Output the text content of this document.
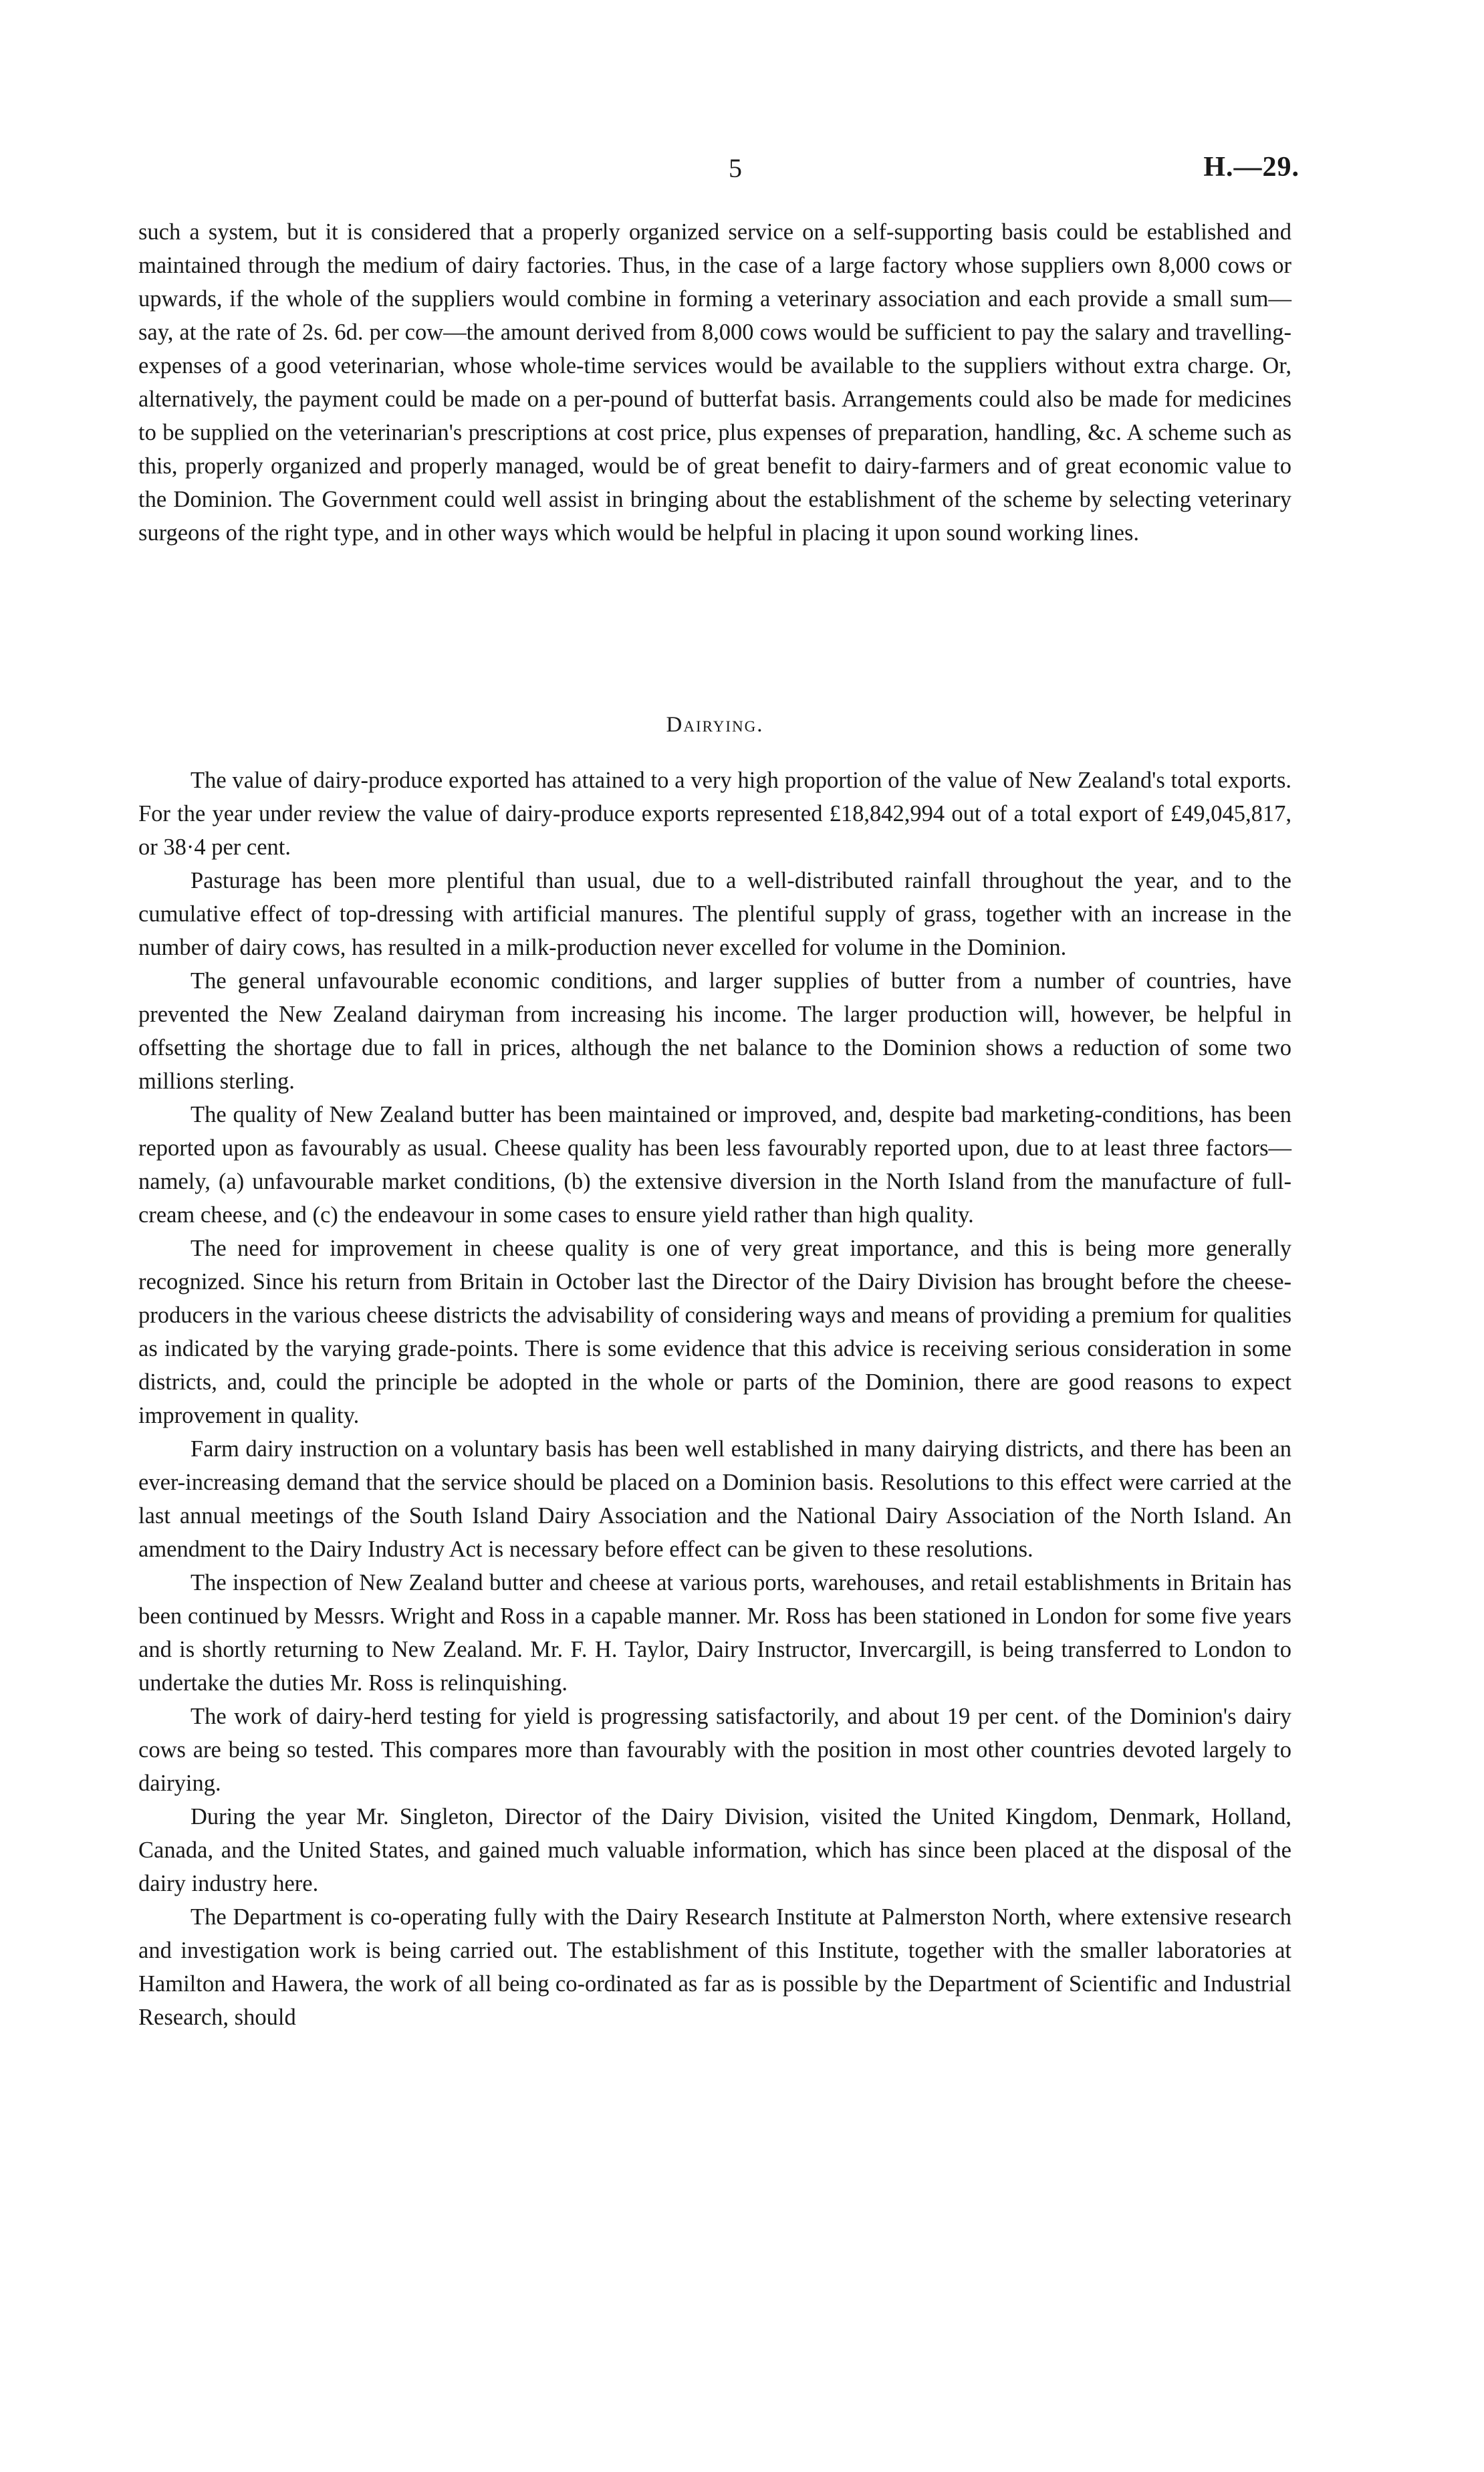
5	H.—29.

such a system, but it is considered that a properly organized service on a self-supporting basis could be established and maintained through the medium of dairy factories. Thus, in the case of a large factory whose suppliers own 8,000 cows or upwards, if the whole of the suppliers would combine in forming a veterinary association and each provide a small sum—say, at the rate of 2s. 6d. per cow—the amount derived from 8,000 cows would be sufficient to pay the salary and travelling-expenses of a good veterinarian, whose whole-time services would be available to the suppliers without extra charge. Or, alternatively, the payment could be made on a per-pound of butterfat basis. Arrangements could also be made for medicines to be supplied on the veterinarian's prescriptions at cost price, plus expenses of preparation, handling, &c. A scheme such as this, properly organized and properly managed, would be of great benefit to dairy-farmers and of great economic value to the Dominion. The Government could well assist in bringing about the establishment of the scheme by selecting veterinary surgeons of the right type, and in other ways which would be helpful in placing it upon sound working lines.

Dairying.

The value of dairy-produce exported has attained to a very high proportion of the value of New Zealand's total exports. For the year under review the value of dairy-produce exports represented £18,842,994 out of a total export of £49,045,817, or 38·4 per cent.

Pasturage has been more plentiful than usual, due to a well-distributed rainfall throughout the year, and to the cumulative effect of top-dressing with artificial manures. The plentiful supply of grass, together with an increase in the number of dairy cows, has resulted in a milk-production never excelled for volume in the Dominion.

The general unfavourable economic conditions, and larger supplies of butter from a number of countries, have prevented the New Zealand dairyman from increasing his income. The larger production will, however, be helpful in offsetting the shortage due to fall in prices, although the net balance to the Dominion shows a reduction of some two millions sterling.

The quality of New Zealand butter has been maintained or improved, and, despite bad marketing-conditions, has been reported upon as favourably as usual. Cheese quality has been less favourably reported upon, due to at least three factors—namely, (a) unfavourable market conditions, (b) the extensive diversion in the North Island from the manufacture of full-cream cheese, and (c) the endeavour in some cases to ensure yield rather than high quality.

The need for improvement in cheese quality is one of very great importance, and this is being more generally recognized. Since his return from Britain in October last the Director of the Dairy Division has brought before the cheese-producers in the various cheese districts the advisability of considering ways and means of providing a premium for qualities as indicated by the varying grade-points. There is some evidence that this advice is receiving serious consideration in some districts, and, could the principle be adopted in the whole or parts of the Dominion, there are good reasons to expect improvement in quality.

Farm dairy instruction on a voluntary basis has been well established in many dairying districts, and there has been an ever-increasing demand that the service should be placed on a Dominion basis. Resolutions to this effect were carried at the last annual meetings of the South Island Dairy Association and the National Dairy Association of the North Island. An amendment to the Dairy Industry Act is necessary before effect can be given to these resolutions.

The inspection of New Zealand butter and cheese at various ports, warehouses, and retail establishments in Britain has been continued by Messrs. Wright and Ross in a capable manner. Mr. Ross has been stationed in London for some five years and is shortly returning to New Zealand. Mr. F. H. Taylor, Dairy Instructor, Invercargill, is being transferred to London to undertake the duties Mr. Ross is relinquishing.

The work of dairy-herd testing for yield is progressing satisfactorily, and about 19 per cent. of the Dominion's dairy cows are being so tested. This compares more than favourably with the position in most other countries devoted largely to dairying.

During the year Mr. Singleton, Director of the Dairy Division, visited the United Kingdom, Denmark, Holland, Canada, and the United States, and gained much valuable information, which has since been placed at the disposal of the dairy industry here.

The Department is co-operating fully with the Dairy Research Institute at Palmerston North, where extensive research and investigation work is being carried out. The establishment of this Institute, together with the smaller laboratories at Hamilton and Hawera, the work of all being co-ordinated as far as is possible by the Department of Scientific and Industrial Research, should
